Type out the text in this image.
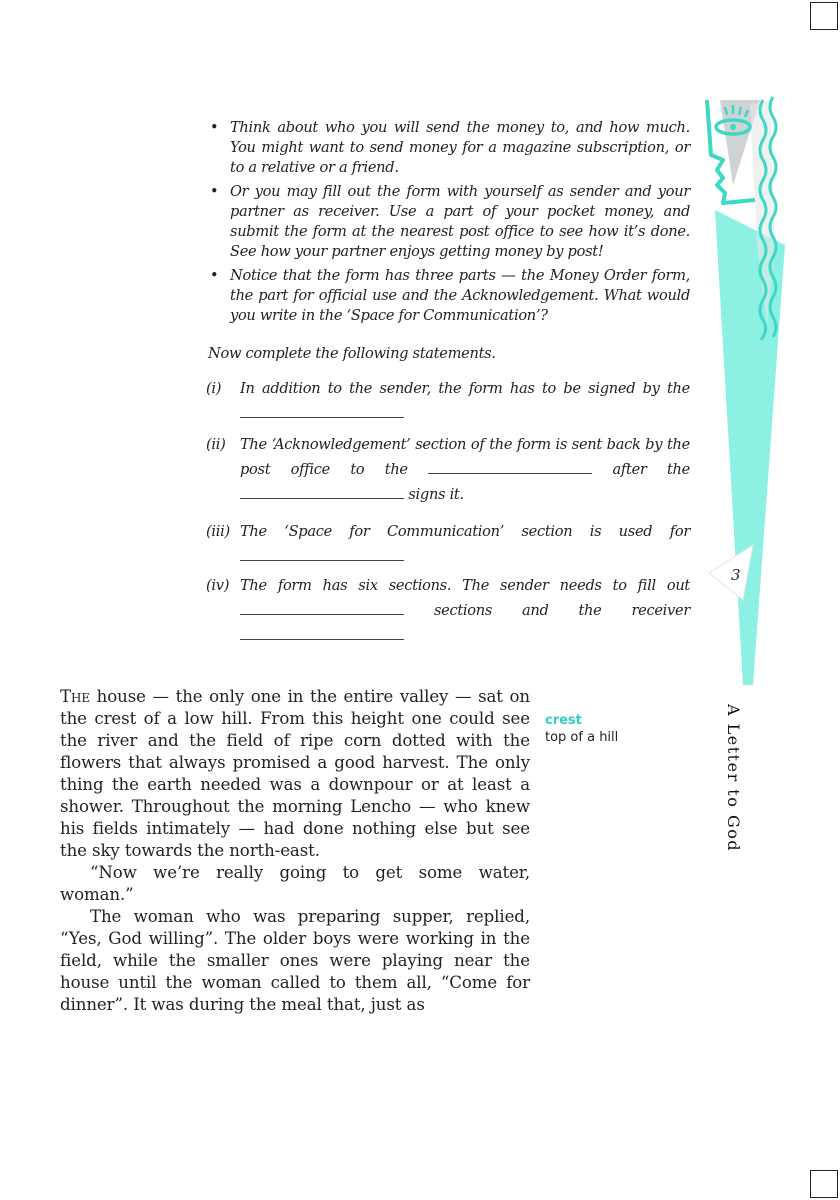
3
A Letter to God
• Think about who you will send the money to, and how much. You might want to send money for a magazine subscription, or to a relative or a friend.
• Or you may fill out the form with yourself as sender and your partner as receiver. Use a part of your pocket money, and submit the form at the nearest post office to see how it’s done. See how your partner enjoys getting money by post!
• Notice that the form has three parts — the Money Order form, the part for official use and the Acknowledgement. What would you write in the ‘Space for Communication’?
Now complete the following statements.
(i)	In addition to the sender, the form has to be signed by the
(ii) The ‘Acknowledgement’ section of the form is sent back by the post office to the	after the  signs it.
(iii) The ‘Space for Communication’ section is used for
(iv) The form has six sections. The sender needs to fill out  sections and the receiver

The house — the only one in the entire valley — sat on the crest of a low hill. From this height one could see the river and the field of ripe corn dotted with the flowers that always promised a good harvest. The only thing the earth needed was a downpour or at least a shower. Throughout the morning Lencho — who knew his fields intimately — had done nothing else but see the sky towards the north-east.

“Now we’re really going to get some water, woman.”

The woman who was preparing supper, replied, “Yes, God willing”. The older boys were working in the field, while the smaller ones were playing near the house until the woman called to them all, “Come for dinner”. It was during the meal that, just as

crest
top of a hill
